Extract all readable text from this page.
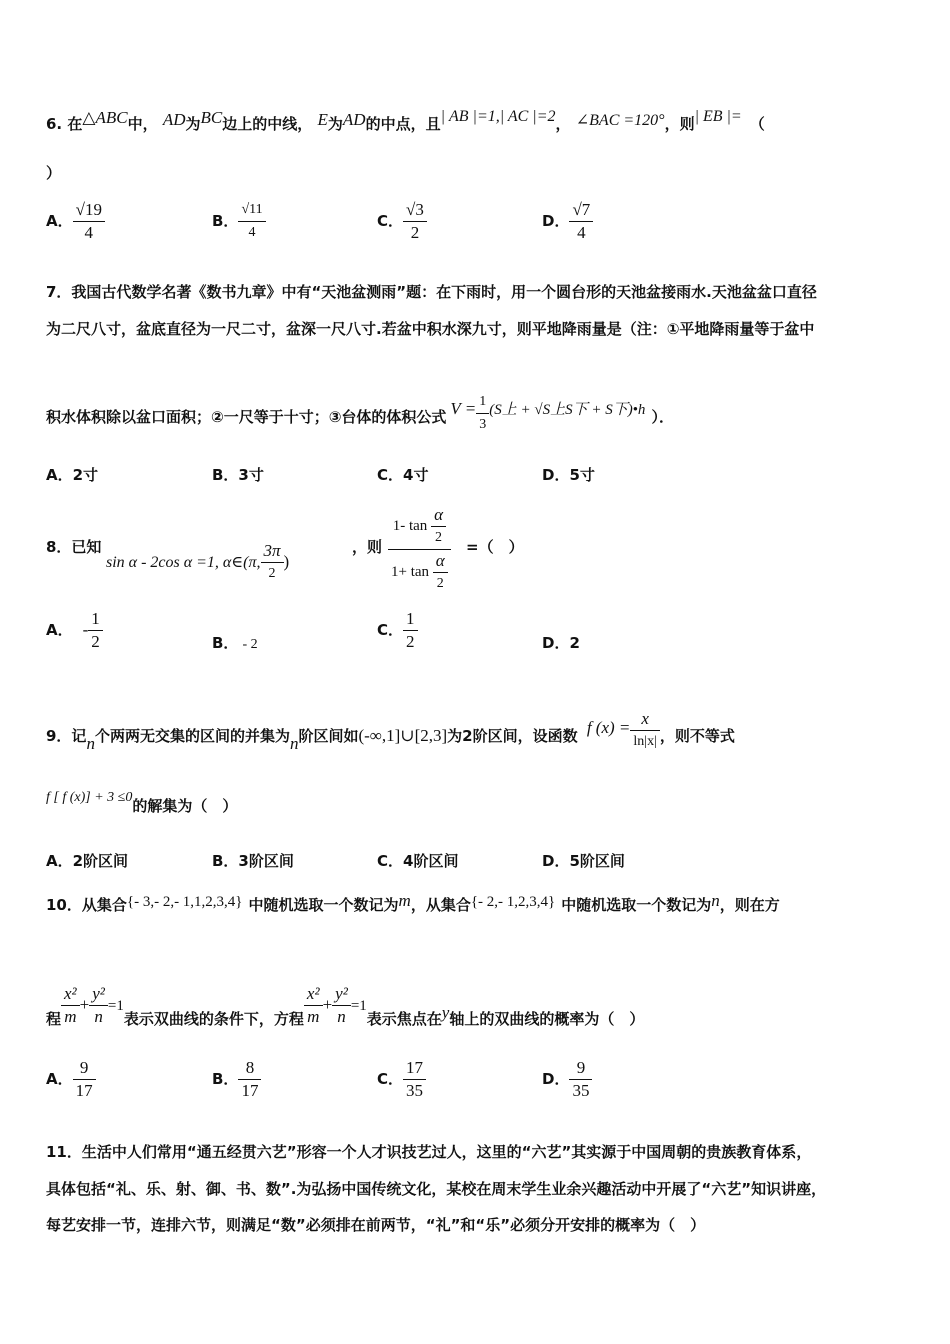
6. 在△ABC中， AD为BC边上的中线， E为AD的中点，且| AB |=1,| AC |=2， ∠BAC =120°，则| EB |= （
）
A． $\frac{√19}{4}$	B． $\frac{√11}{4}$	C． $\frac{√3}{2}$	D． $\frac{√7}{4}$
7．我国古代数学名著《数书九章》中有“天池盆测雨”题：在下雨时，用一个圆台形的天池盆接雨水.天池盆盆口直径
为二尺八寸，盆底直径为一尺二寸，盆深一尺八寸.若盆中积水深九寸，则平地降雨量是（注：①平地降雨量等于盆中
积水体积除以盆口面积；②一尺等于十寸；③台体的体积公式 $V = \frac{1}{3} (S$上 + √S上S下 + S下)•h ）．
A．2寸	B．3寸	C．4寸	D．5寸
8．已知
sin α - 2cos α =1, α∈(π, $\frac{3\pi}{2}$ )
，则 $\frac{1- \tan \frac{\alpha}{2}}{1+ \tan \frac{\alpha}{2}}$ =（　）
A． - $\frac{1}{2}$	B． - 2
C． $\frac{1}{2}$	D．2
9．记n个两两无交集的区间的并集为n阶区间如(-∞,1]∪[2,3]为2阶区间，设函数 f $(x) = \frac{x}{\ln|x|}$ ，则不等式
f [ f (x)] + 3 ≤0的解集为（　）
A．2阶区间	B．3阶区间	C．4阶区间	D．5阶区间
10．从集合{- 3,- 2,- 1,1,2,3,4} 中随机选取一个数记为m，从集合{- 2,- 1,2,3,4} 中随机选取一个数记为n，则在方
程 $\frac{\text{x²}}{m} + \frac{\text{y²}}{n} =1$表示双曲线的条件下，方程 $\frac{\text{x²}}{m} + \frac{\text{y²}}{n} =1$表示焦点在y轴上的双曲线的概率为（　）
A． $\frac{9}{17}$	B． $\frac{8}{17}$	C． $\frac{17}{35}$	D． $\frac{9}{35}$
11．生活中人们常用“通五经贯六艺”形容一个人才识技艺过人，这里的“六艺”其实源于中国周朝的贵族教育体系，
具体包括“礼、乐、射、御、书、数”.为弘扬中国传统文化，某校在周末学生业余兴趣活动中开展了“六艺”知识讲座，
每艺安排一节，连排六节，则满足“数”必须排在前两节，“礼”和“乐”必须分开安排的概率为（　）
